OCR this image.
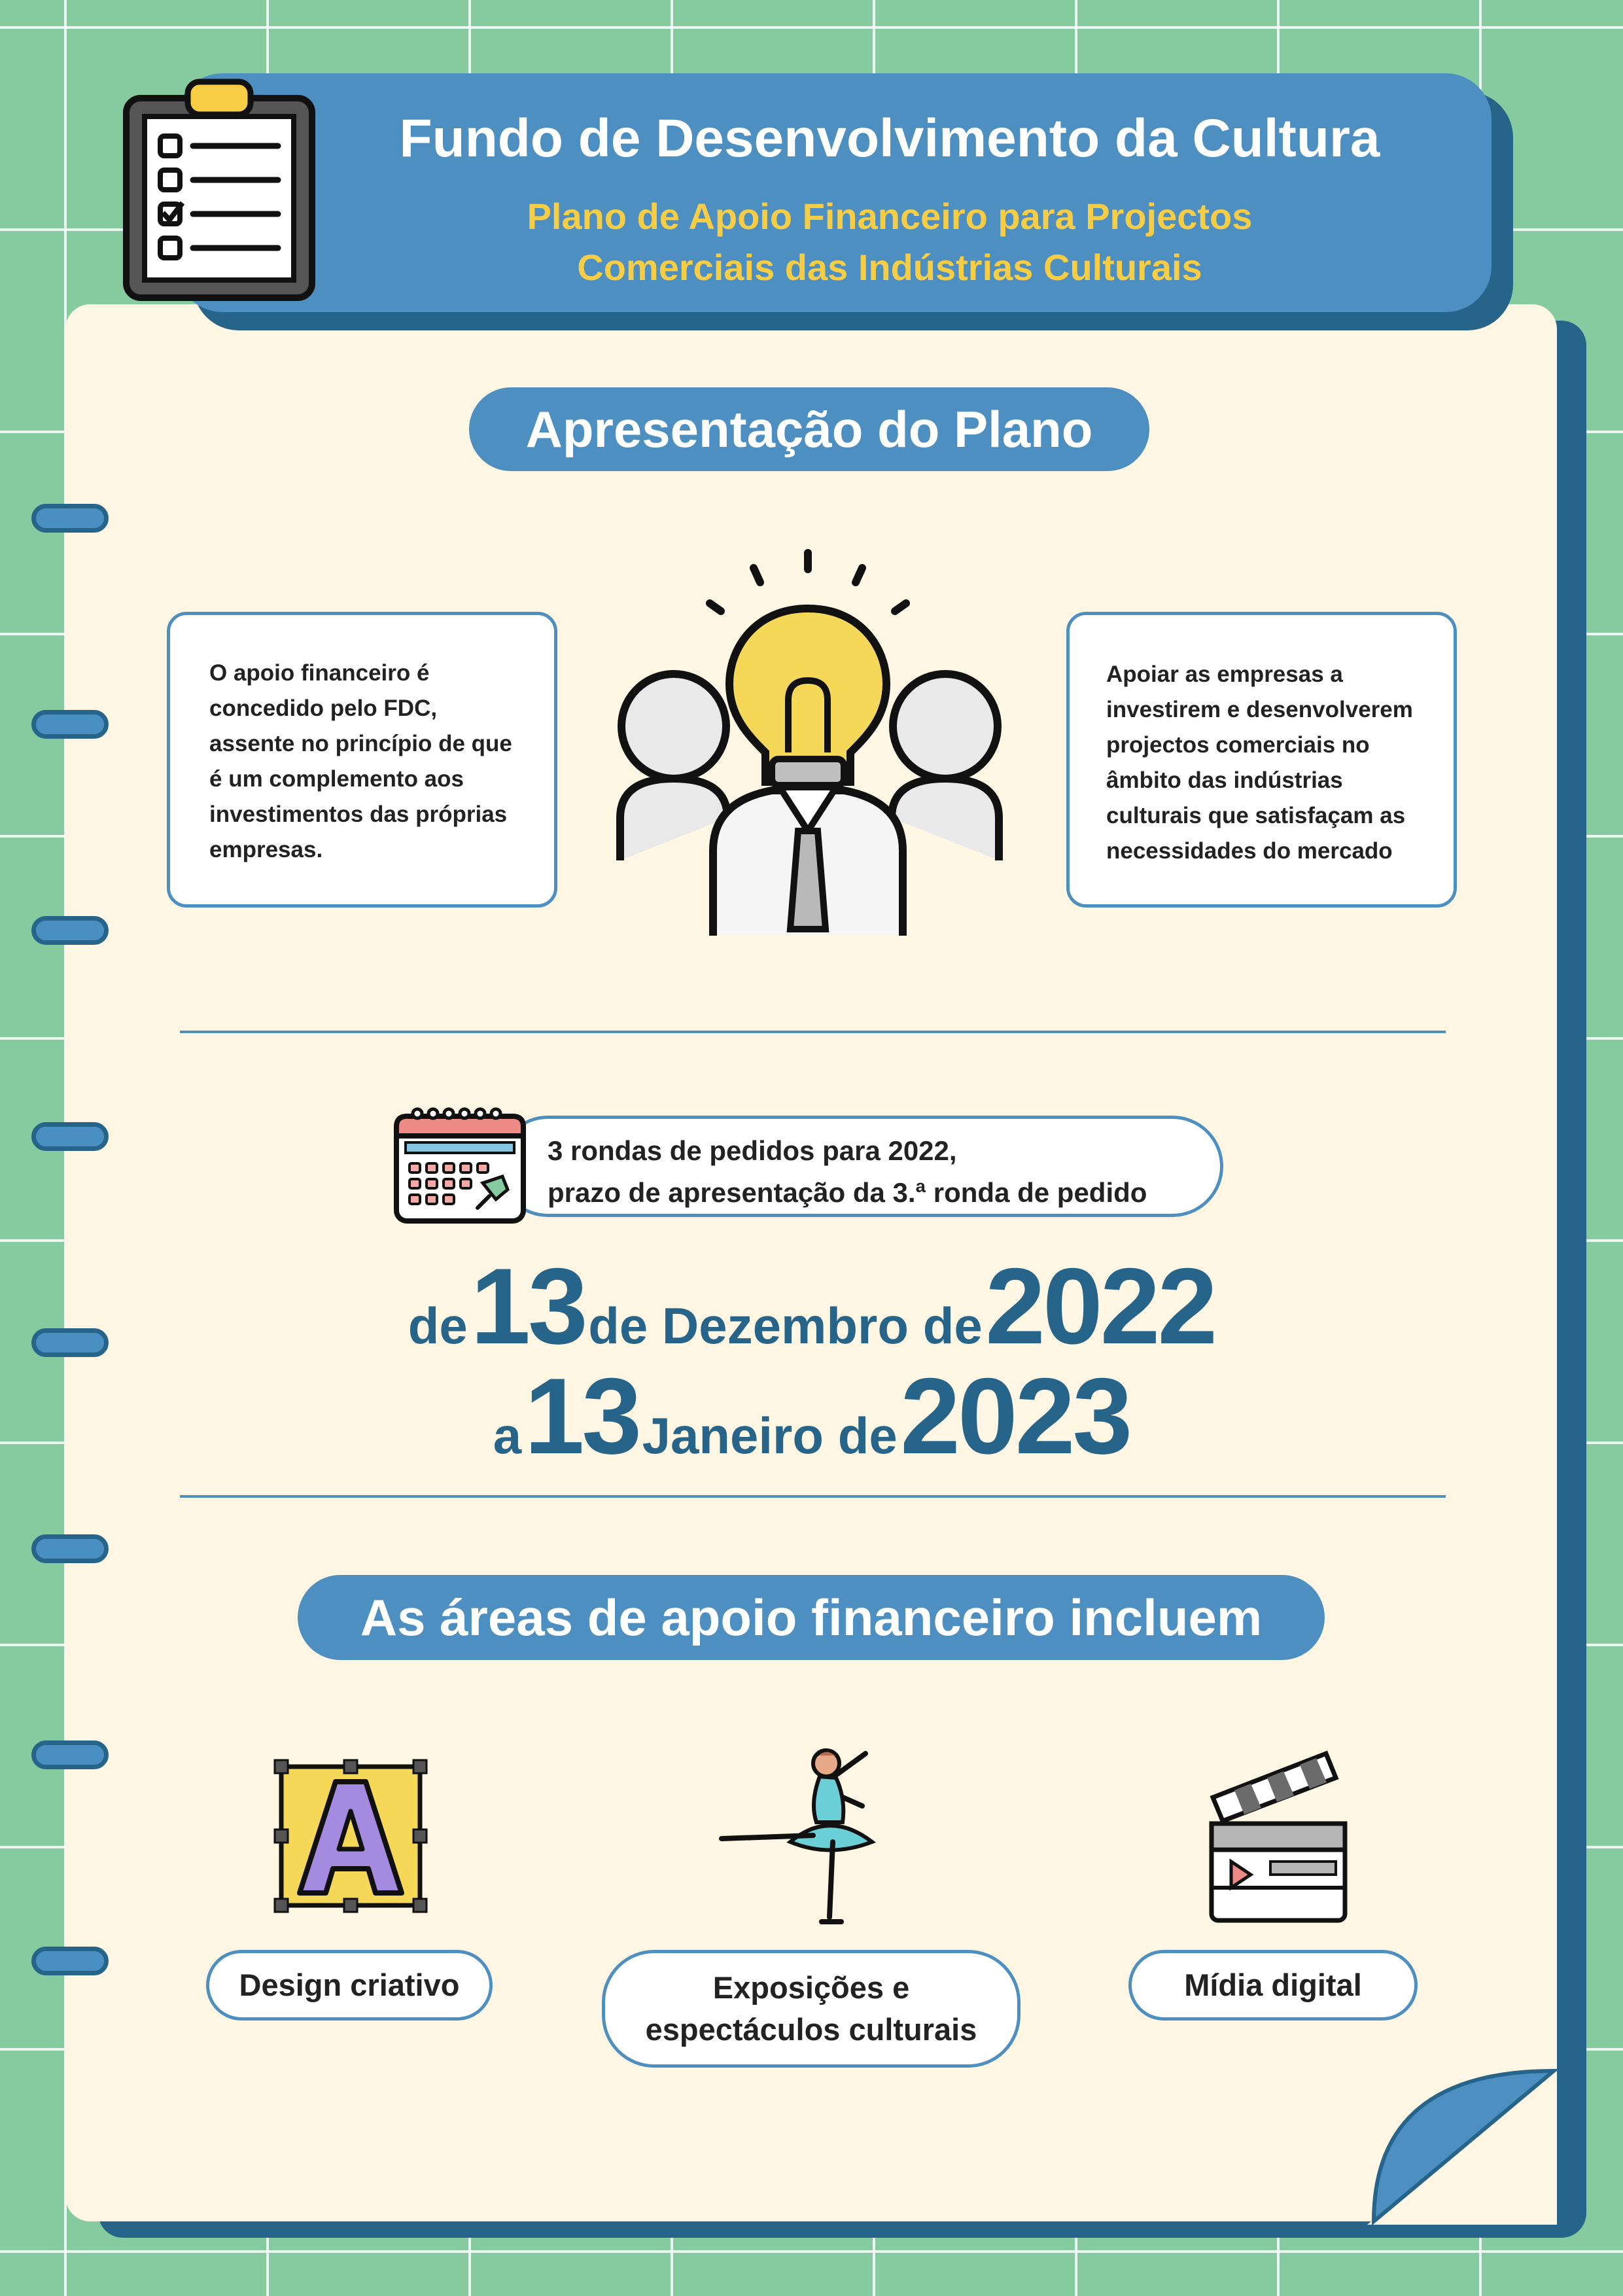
Fundo de Desenvolvimento da Cultura
Plano de Apoio Financeiro para Projectos
Comerciais das Indústrias Culturais
Apresentação do Plano
O apoio financeiro é concedido pelo FDC, assente no princípio de que é um complemento aos investimentos das próprias empresas.
Apoiar as empresas a investirem e desenvolverem projectos comerciais no âmbito das indústrias culturais que satisfaçam as necessidades do mercado
3 rondas de pedidos para 2022,
prazo de apresentação da 3.ª ronda de pedido
de 13 de Dezembro de 2022
a 13 Janeiro de 2023
As áreas de apoio financeiro incluem
Design criativo	Exposições e
espectáculos culturais
Mídia digital
